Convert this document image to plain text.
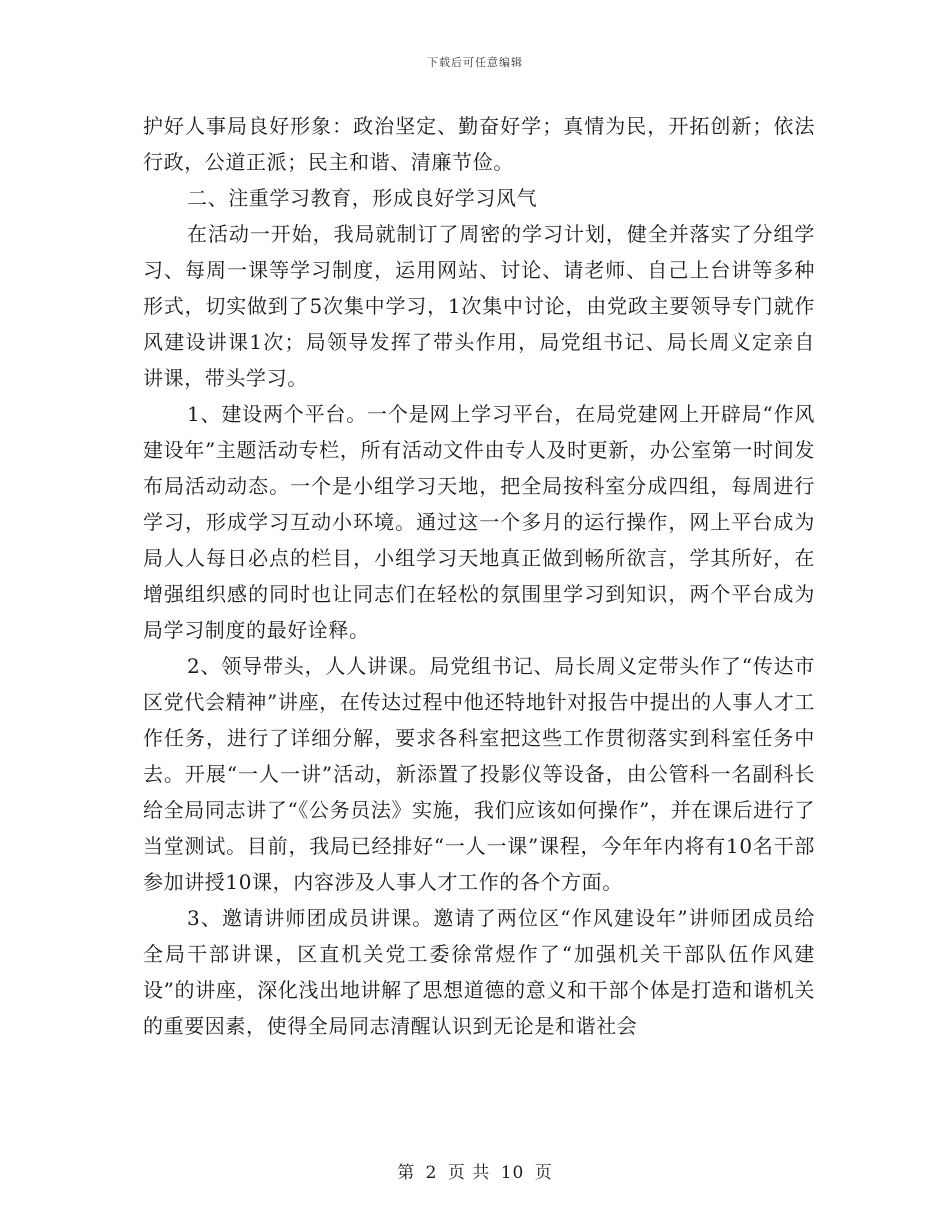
下载后可任意编辑

护好人事局良好形象：政治坚定、勤奋好学；真情为民，开拓创新；依法行政，公道正派；民主和谐、清廉节俭。

二、注重学习教育，形成良好学习风气

在活动一开始，我局就制订了周密的学习计划，健全并落实了分组学习、每周一课等学习制度，运用网站、讨论、请老师、自己上台讲等多种形式，切实做到了5次集中学习，1次集中讨论，由党政主要领导专门就作风建设讲课1次；局领导发挥了带头作用，局党组书记、局长周义定亲自讲课，带头学习。

1、建设两个平台。一个是网上学习平台，在局党建网上开辟局“作风建设年”主题活动专栏，所有活动文件由专人及时更新，办公室第一时间发布局活动动态。一个是小组学习天地，把全局按科室分成四组，每周进行学习，形成学习互动小环境。通过这一个多月的运行操作，网上平台成为局人人每日必点的栏目，小组学习天地真正做到畅所欲言，学其所好，在增强组织感的同时也让同志们在轻松的氛围里学习到知识，两个平台成为局学习制度的最好诠释。

2、领导带头，人人讲课。局党组书记、局长周义定带头作了“传达市区党代会精神”讲座，在传达过程中他还特地针对报告中提出的人事人才工作任务，进行了详细分解，要求各科室把这些工作贯彻落实到科室任务中去。开展“一人一讲”活动，新添置了投影仪等设备，由公管科一名副科长给全局同志讲了“《公务员法》实施，我们应该如何操作”，并在课后进行了当堂测试。目前，我局已经排好“一人一课”课程，今年年内将有10名干部参加讲授10课，内容涉及人事人才工作的各个方面。

3、邀请讲师团成员讲课。邀请了两位区“作风建设年”讲师团成员给全局干部讲课，区直机关党工委徐常煜作了“加强机关干部队伍作风建设”的讲座，深化浅出地讲解了思想道德的意义和干部个体是打造和谐机关的重要因素，使得全局同志清醒认识到无论是和谐社会

第 2 页 共 10 页
